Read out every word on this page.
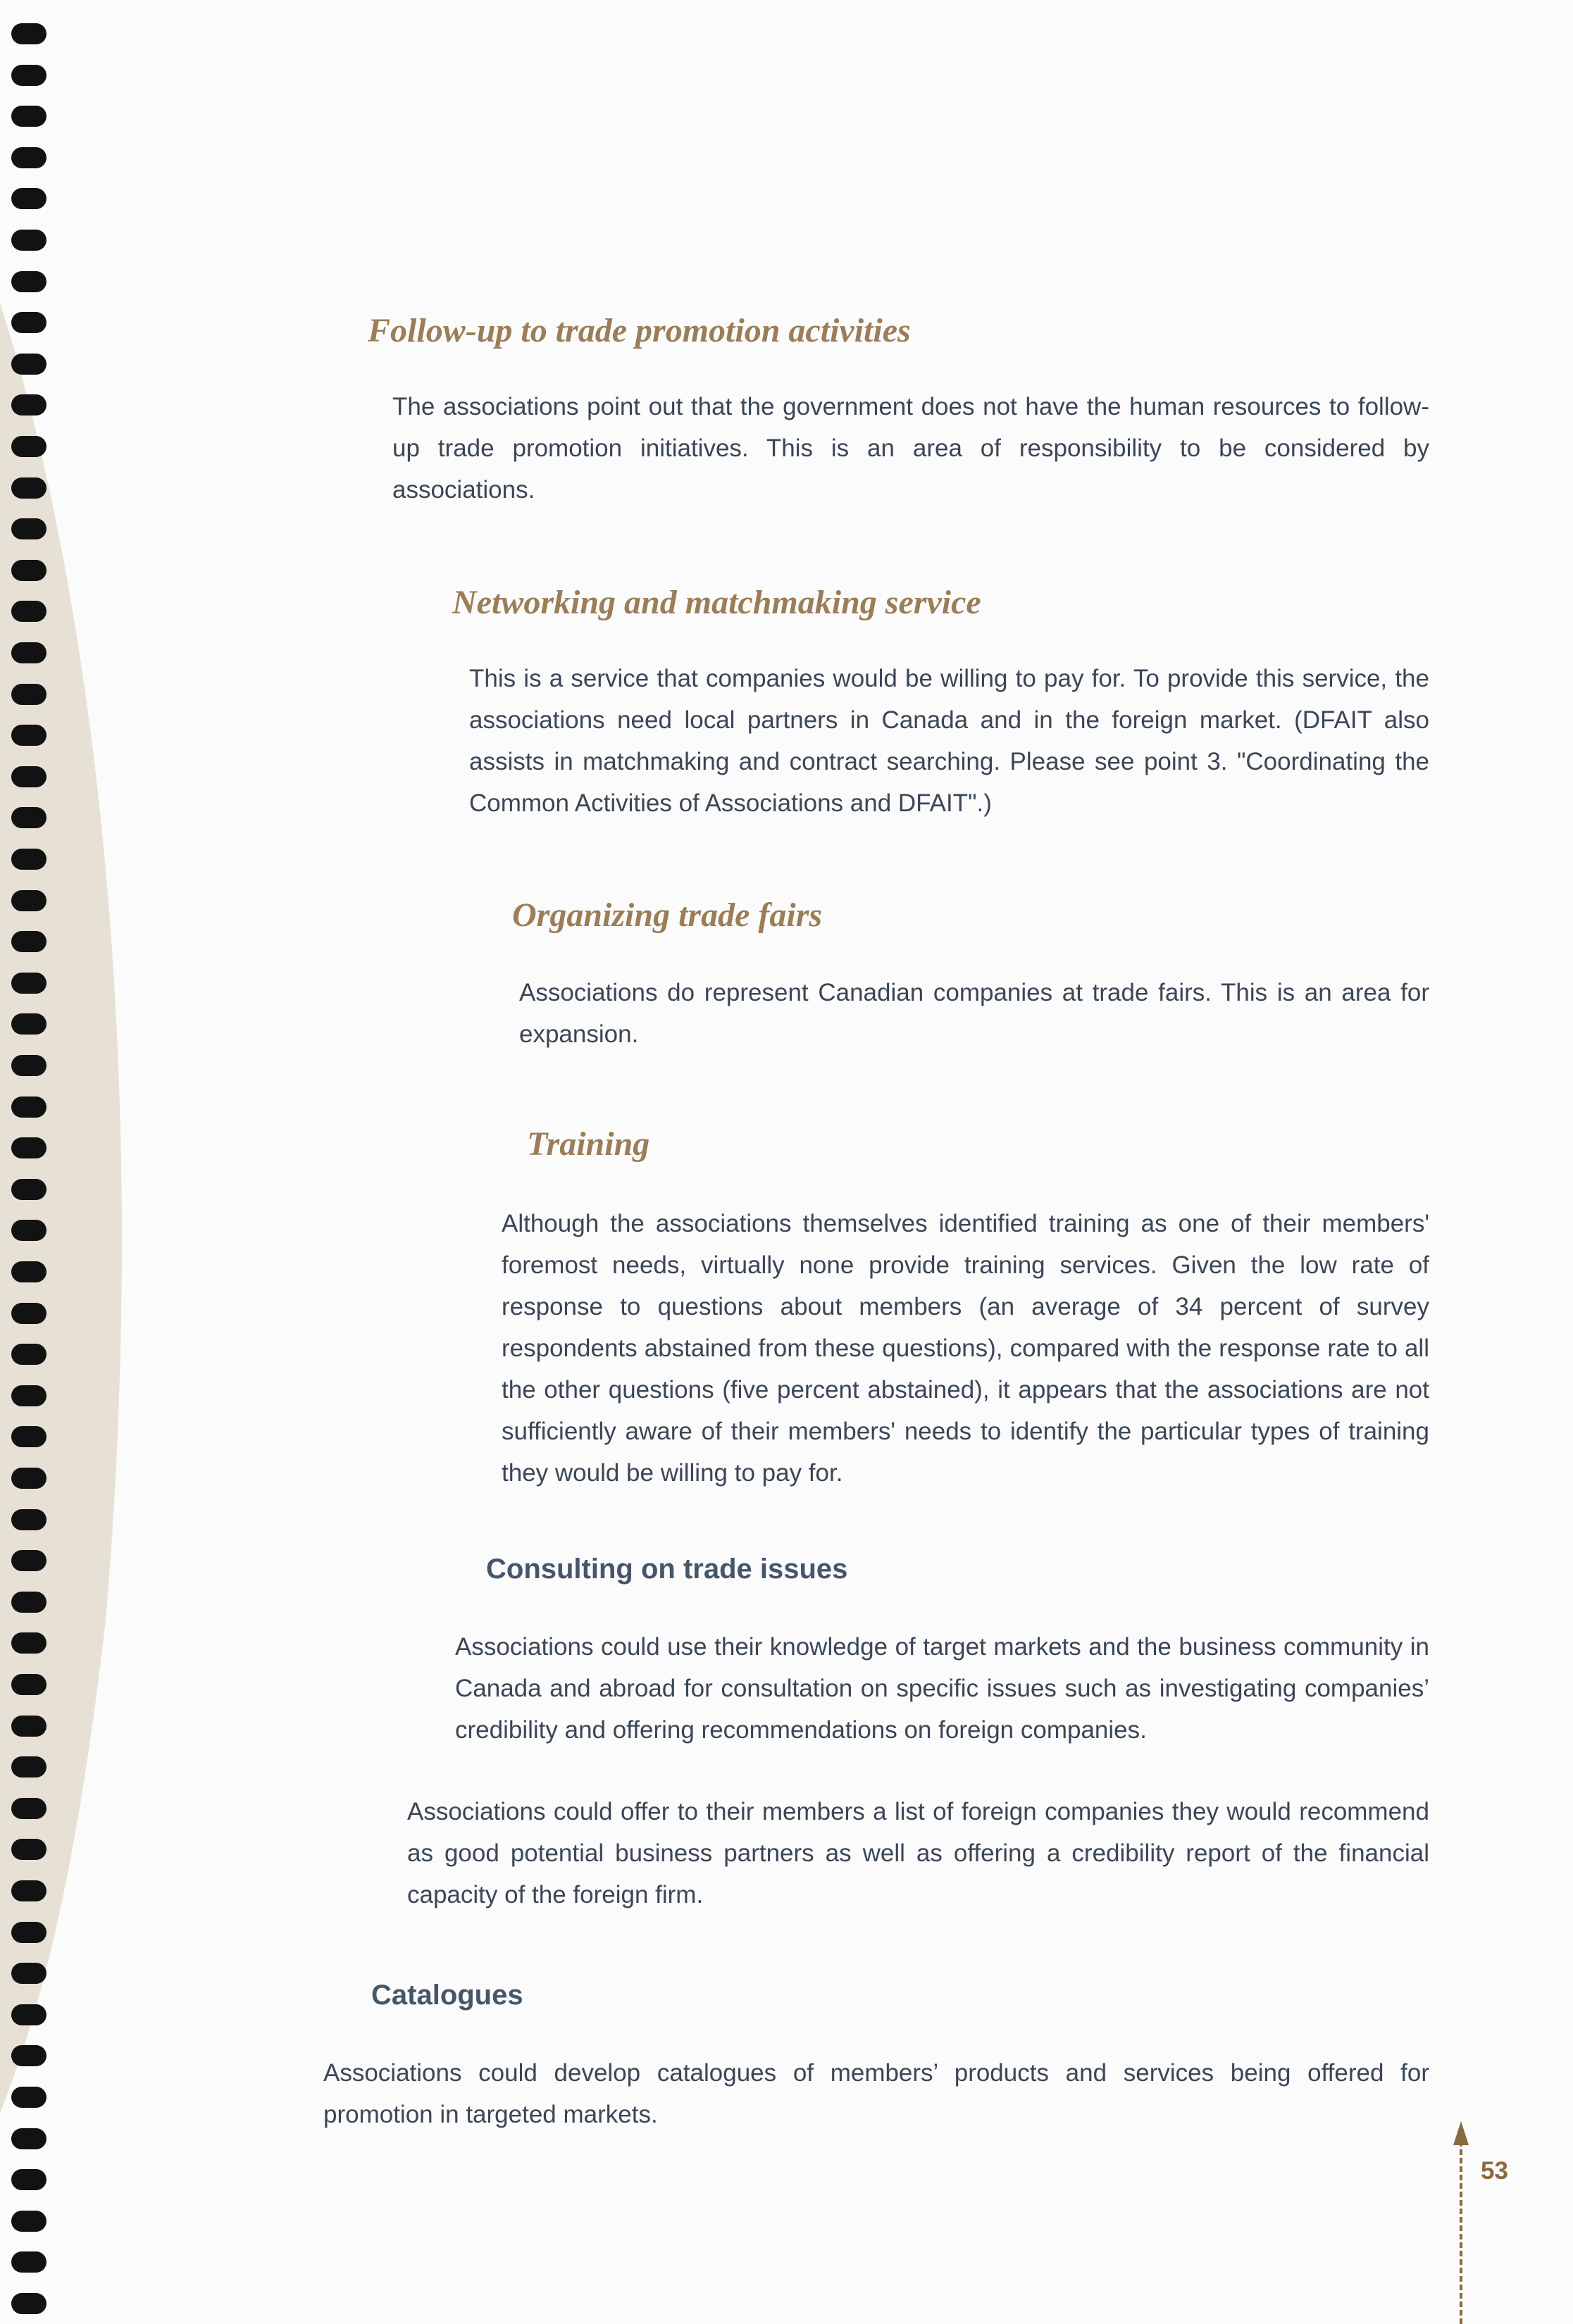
Follow-up to trade promotion activities

The associations point out that the government does not have the human resources to follow-up trade promotion initiatives. This is an area of responsibility to be considered by associations.

Networking and matchmaking service

This is a service that companies would be willing to pay for. To provide this service, the associations need local partners in Canada and in the foreign market. (DFAIT also assists in matchmaking and contract searching. Please see point 3. "Coordinating the Common Activities of Associations and DFAIT".)

Organizing trade fairs

Associations do represent Canadian companies at trade fairs. This is an area for expansion.

Training

Although the associations themselves identified training as one of their members' foremost needs, virtually none provide training services. Given the low rate of response to questions about members (an average of 34 percent of survey respondents abstained from these questions), compared with the response rate to all the other questions (five percent abstained), it appears that the associations are not sufficiently aware of their members' needs to identify the particular types of training they would be willing to pay for.

Consulting on trade issues

Associations could use their knowledge of target markets and the business community in Canada and abroad for consultation on specific issues such as investigating companies’ credibility and offering recommendations on foreign companies.

Associations could offer to their members a list of foreign companies they would recommend as good potential business partners as well as offering a credibility report of the financial capacity of the foreign firm.

Catalogues

Associations could develop catalogues of members’ products and services being offered for promotion in targeted markets.

53
